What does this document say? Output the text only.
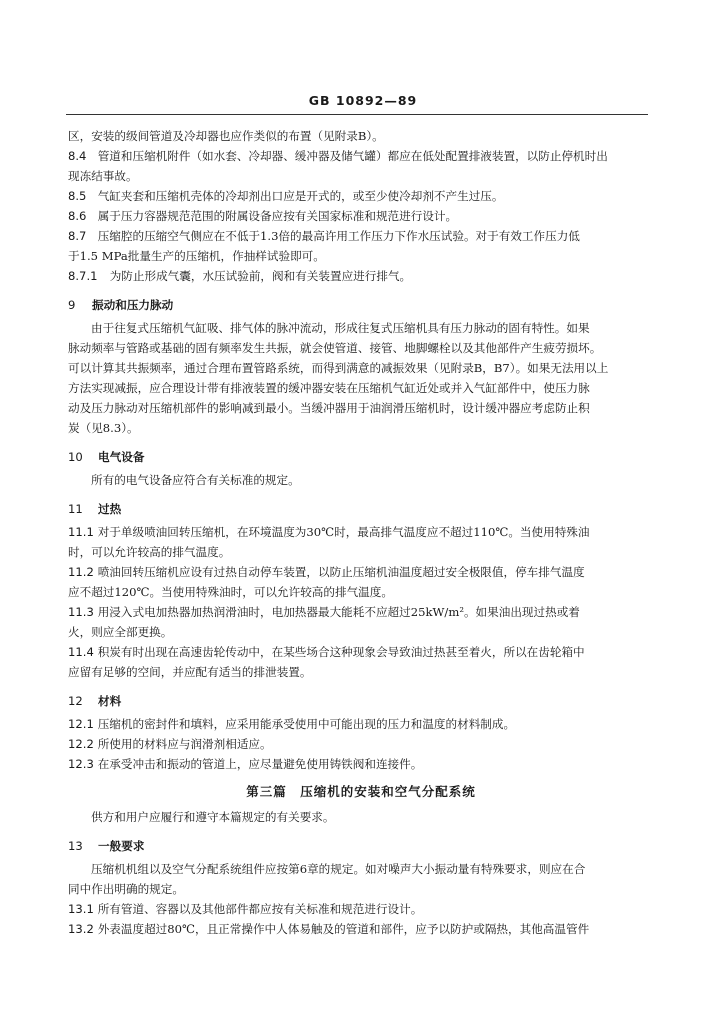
GB 10892—89
区，安装的级间管道及冷却器也应作类似的布置（见附录B）。
8.4 管道和压缩机附件（如水套、冷却器、缓冲器及储气罐）都应在低处配置排液装置，以防止停机时出
现冻结事故。
8.5 气缸夹套和压缩机壳体的冷却剂出口应是开式的，或至少使冷却剂不产生过压。
8.6 属于压力容器规范范围的附属设备应按有关国家标准和规范进行设计。
8.7 压缩腔的压缩空气侧应在不低于1.3倍的最高许用工作压力下作水压试验。对于有效工作压力低
于1.5 MPa批量生产的压缩机，作抽样试验即可。
8.7.1 为防止形成气囊，水压试验前，阀和有关装置应进行排气。
9 振动和压力脉动
由于往复式压缩机气缸吸、排气体的脉冲流动，形成往复式压缩机具有压力脉动的固有特性。如果
脉动频率与管路或基础的固有频率发生共振，就会使管道、接管、地脚螺栓以及其他部件产生疲劳损坏。
可以计算其共振频率，通过合理布置管路系统，而得到满意的减振效果（见附录B，B7）。如果无法用以上
方法实现减振，应合理设计带有排液装置的缓冲器安装在压缩机气缸近处或并入气缸部件中，使压力脉
动及压力脉动对压缩机部件的影响减到最小。当缓冲器用于油润滑压缩机时，设计缓冲器应考虑防止积
炭（见8.3）。
10 电气设备
所有的电气设备应符合有关标准的规定。
11 过热
11.1 对于单级喷油回转压缩机，在环境温度为30℃时，最高排气温度应不超过110℃。当使用特殊油
时，可以允许较高的排气温度。
11.2 喷油回转压缩机应设有过热自动停车装置，以防止压缩机油温度超过安全极限值，停车排气温度
应不超过120℃。当使用特殊油时，可以允许较高的排气温度。
11.3 用浸入式电加热器加热润滑油时，电加热器最大能耗不应超过25kW/m²。如果油出现过热或着
火，则应全部更换。
11.4 积炭有时出现在高速齿轮传动中，在某些场合这种现象会导致油过热甚至着火，所以在齿轮箱中
应留有足够的空间，并应配有适当的排泄装置。
12 材料
12.1 压缩机的密封件和填料，应采用能承受使用中可能出现的压力和温度的材料制成。
12.2 所使用的材料应与润滑剂相适应。
12.3 在承受冲击和振动的管道上，应尽量避免使用铸铁阀和连接件。
第三篇　压缩机的安装和空气分配系统
供方和用户应履行和遵守本篇规定的有关要求。
13 一般要求
压缩机机组以及空气分配系统组件应按第6章的规定。如对噪声大小振动量有特殊要求，则应在合
同中作出明确的规定。
13.1 所有管道、容器以及其他部件都应按有关标准和规范进行设计。
13.2 外表温度超过80℃，且正常操作中人体易触及的管道和部件，应予以防护或隔热，其他高温管件
